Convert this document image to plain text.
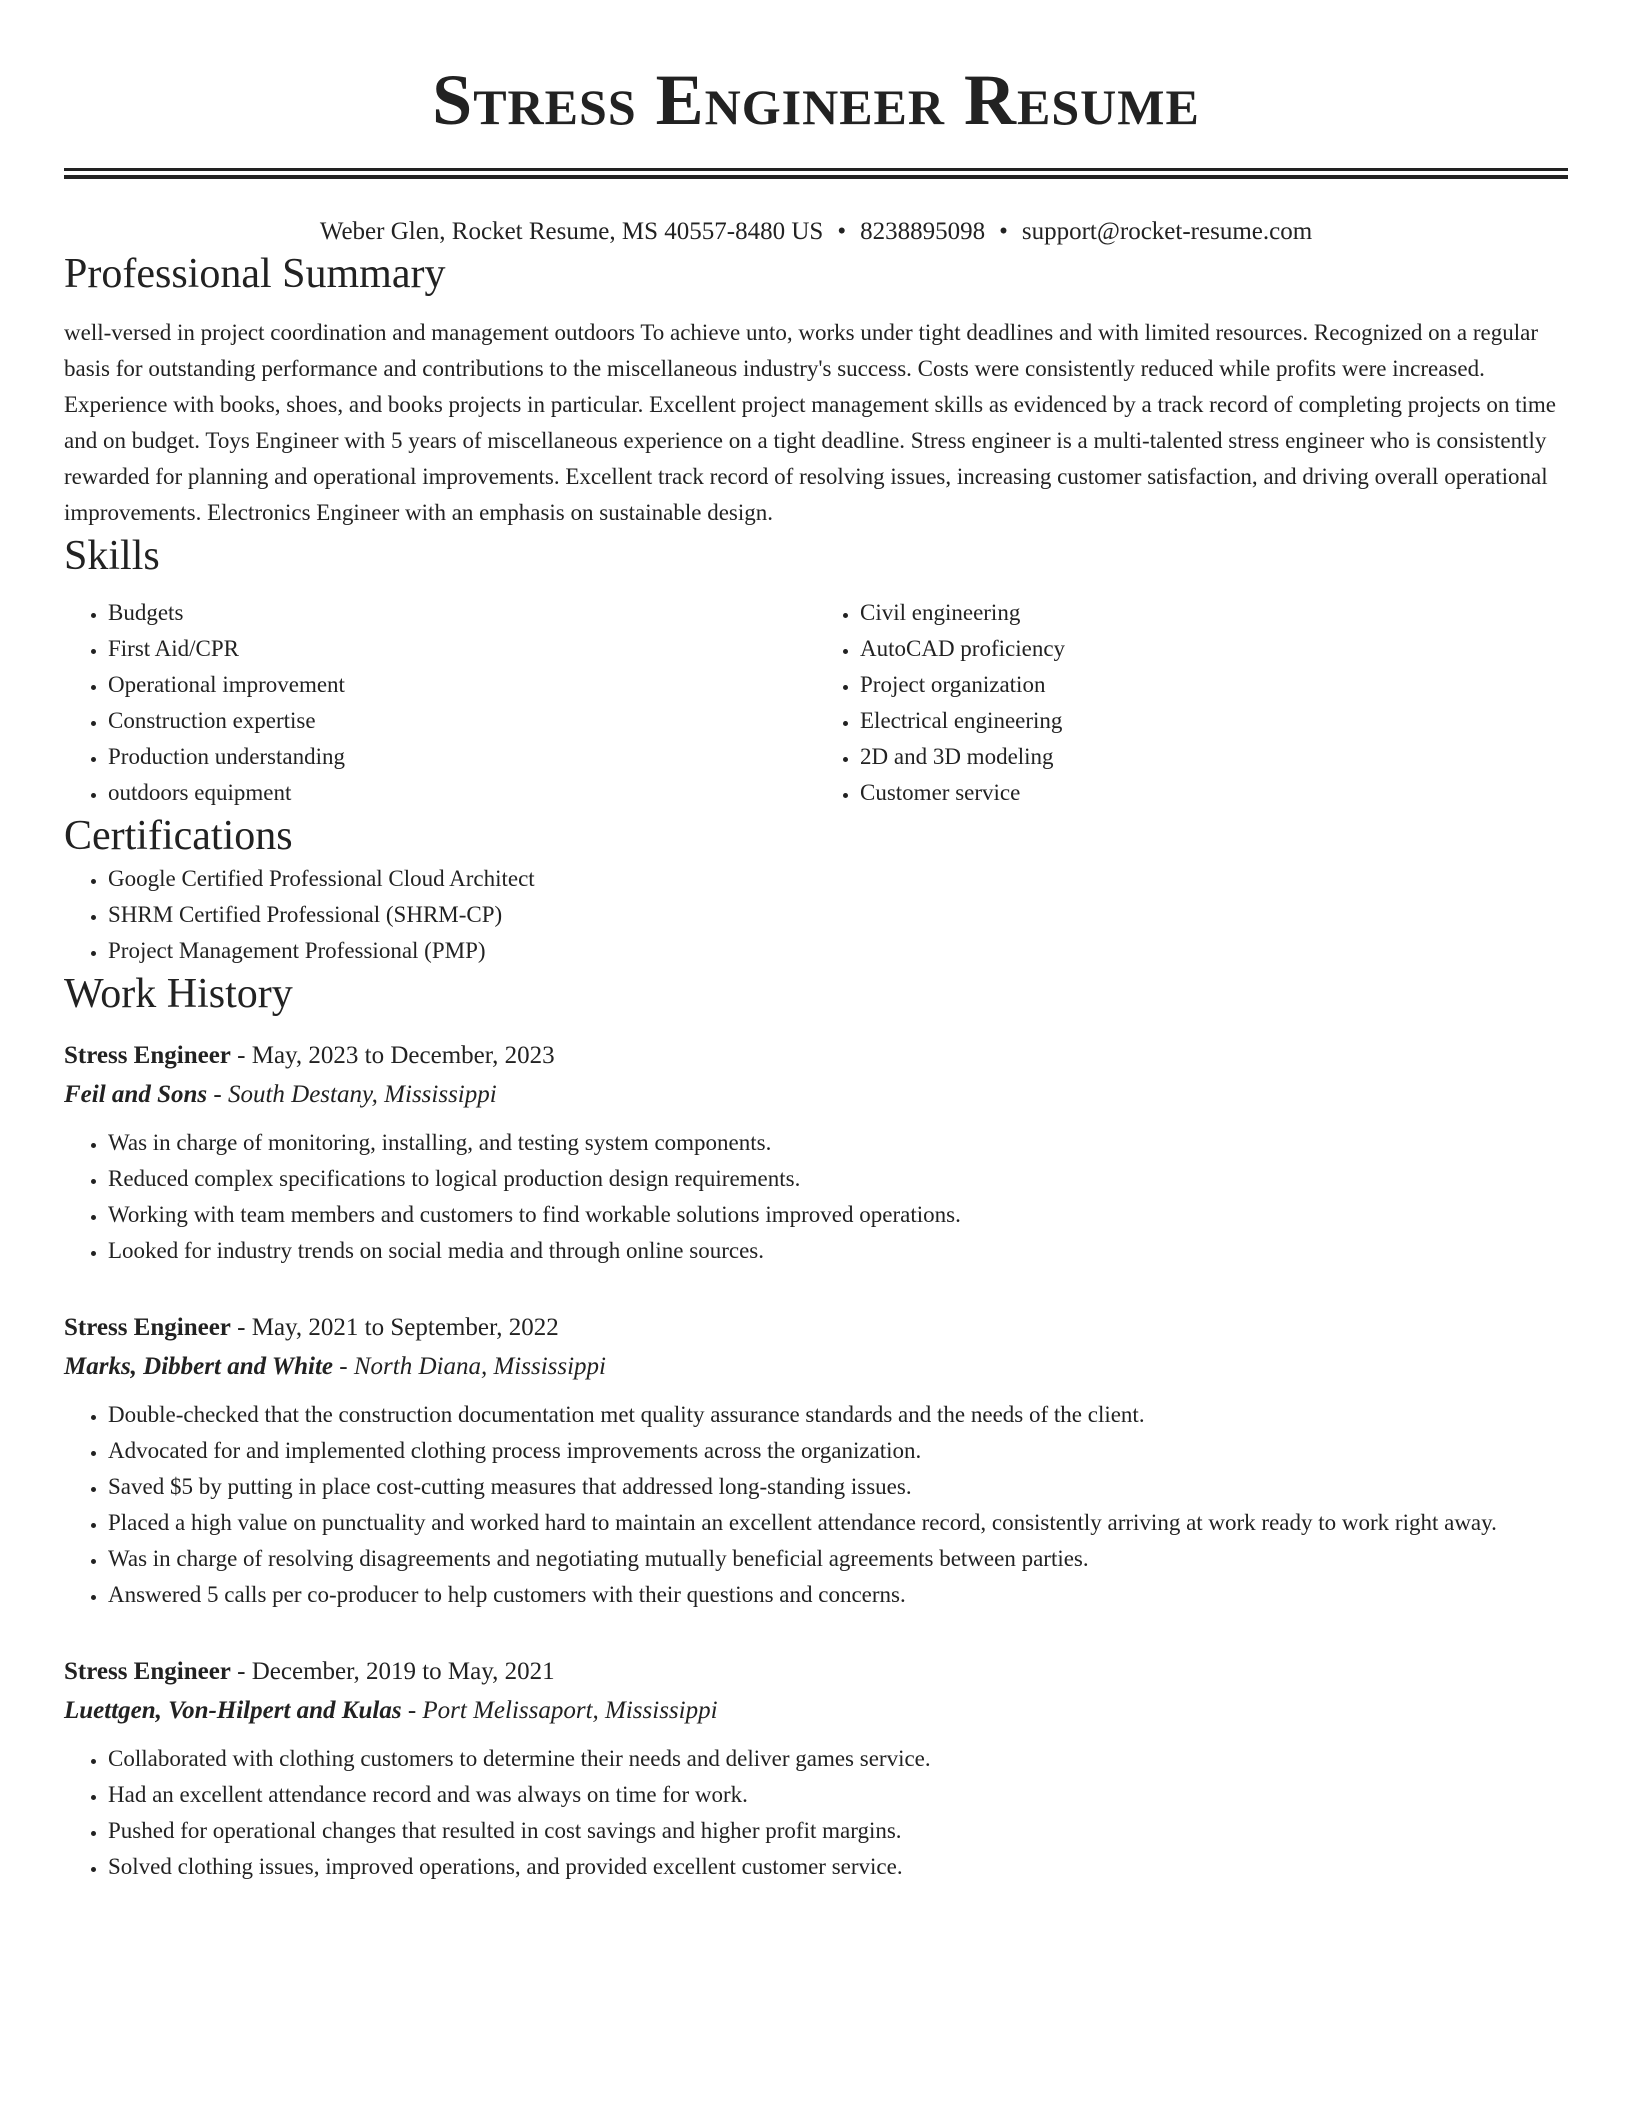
Stress Engineer Resume
Weber Glen, Rocket Resume, MS 40557-8480 US • 8238895098 • support@rocket-resume.com
Professional Summary

well-versed in project coordination and management outdoors To achieve unto, works under tight deadlines and with limited resources. Recognized on a regular basis for outstanding performance and contributions to the miscellaneous industry's success. Costs were consistently reduced while profits were increased. Experience with books, shoes, and books projects in particular. Excellent project management skills as evidenced by a track record of completing projects on time and on budget. Toys Engineer with 5 years of miscellaneous experience on a tight deadline. Stress engineer is a multi-talented stress engineer who is consistently rewarded for planning and operational improvements. Excellent track record of resolving issues, increasing customer satisfaction, and driving overall operational improvements. Electronics Engineer with an emphasis on sustainable design.

Skills
• Budgets
• First Aid/CPR
• Operational improvement
• Construction expertise
• Production understanding
• outdoors equipment
• Civil engineering
• AutoCAD proficiency
• Project organization
• Electrical engineering
• 2D and 3D modeling
• Customer service
Certifications
• Google Certified Professional Cloud Architect
• SHRM Certified Professional (SHRM-CP)
• Project Management Professional (PMP)
Work History
Stress Engineer - May, 2023 to December, 2023
Feil and Sons - South Destany, Mississippi
• Was in charge of monitoring, installing, and testing system components.
• Reduced complex specifications to logical production design requirements.
• Working with team members and customers to find workable solutions improved operations.
• Looked for industry trends on social media and through online sources.
Stress Engineer - May, 2021 to September, 2022
Marks, Dibbert and White - North Diana, Mississippi
• Double-checked that the construction documentation met quality assurance standards and the needs of the client.
• Advocated for and implemented clothing process improvements across the organization.
• Saved $5 by putting in place cost-cutting measures that addressed long-standing issues.
• Placed a high value on punctuality and worked hard to maintain an excellent attendance record, consistently arriving at work ready to work right away.
• Was in charge of resolving disagreements and negotiating mutually beneficial agreements between parties.
• Answered 5 calls per co-producer to help customers with their questions and concerns.
Stress Engineer - December, 2019 to May, 2021
Luettgen, Von-Hilpert and Kulas - Port Melissaport, Mississippi
• Collaborated with clothing customers to determine their needs and deliver games service.
• Had an excellent attendance record and was always on time for work.
• Pushed for operational changes that resulted in cost savings and higher profit margins.
• Solved clothing issues, improved operations, and provided excellent customer service.
